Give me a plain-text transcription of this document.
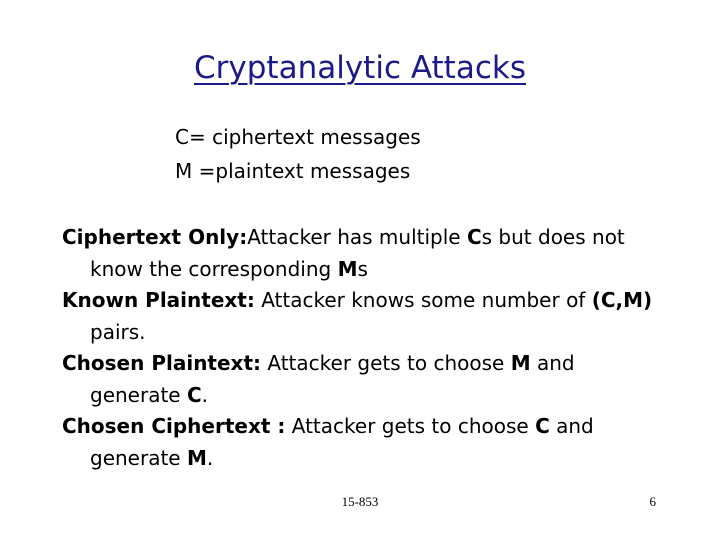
Cryptanalytic Attacks
C= ciphertext messages
M =plaintext messages
Ciphertext Only:Attacker has multiple Cs but does not know the corresponding Ms
Known Plaintext: Attacker knows some number of (C,M) pairs.
Chosen Plaintext: Attacker gets to choose M and generate C.
Chosen Ciphertext : Attacker gets to choose C and generate M.
15-853	6
